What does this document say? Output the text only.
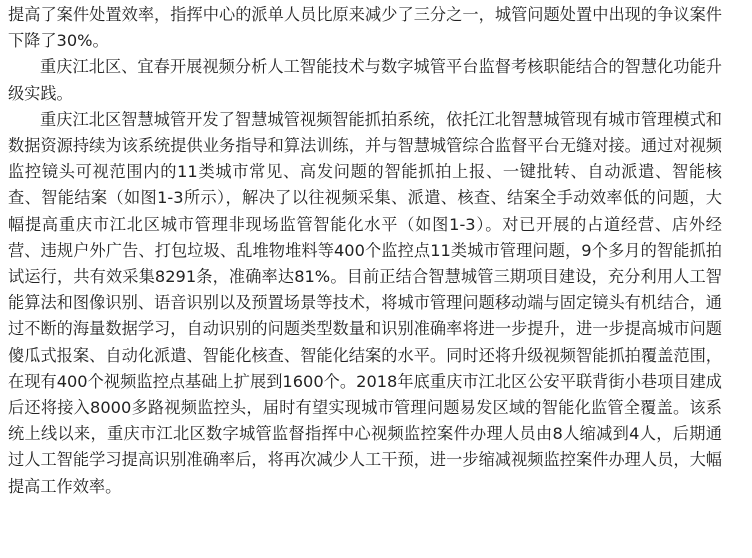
提高了案件处置效率，指挥中心的派单人员比原来减少了三分之一，城管问题处置中出现的争议案件下降了30%。

重庆江北区、宜春开展视频分析人工智能技术与数字城管平台监督考核职能结合的智慧化功能升级实践。

重庆江北区智慧城管开发了智慧城管视频智能抓拍系统，依托江北智慧城管现有城市管理模式和数据资源持续为该系统提供业务指导和算法训练，并与智慧城管综合监督平台无缝对接。通过对视频监控镜头可视范围内的11类城市常见、高发问题的智能抓拍上报、一键批转、自动派遣、智能核查、智能结案（如图1-3所示），解决了以往视频采集、派遣、核查、结案全手动效率低的问题，大幅提高重庆市江北区城市管理非现场监管智能化水平（如图1-3）。对已开展的占道经营、店外经营、违规户外广告、打包垃圾、乱堆物堆料等400个监控点11类城市管理问题，9个多月的智能抓拍试运行，共有效采集8291条，准确率达81%。目前正结合智慧城管三期项目建设，充分利用人工智能算法和图像识别、语音识别以及预置场景等技术，将城市管理问题移动端与固定镜头有机结合，通过不断的海量数据学习，自动识别的问题类型数量和识别准确率将进一步提升，进一步提高城市问题傻瓜式报案、自动化派遣、智能化核查、智能化结案的水平。同时还将升级视频智能抓拍覆盖范围，在现有400个视频监控点基础上扩展到1600个。2018年底重庆市江北区公安平联背街小巷项目建成后还将接入8000多路视频监控头，届时有望实现城市管理问题易发区域的智能化监管全覆盖。该系统上线以来，重庆市江北区数字城管监督指挥中心视频监控案件办理人员由8人缩减到4人，后期通过人工智能学习提高识别准确率后，将再次减少人工干预，进一步缩减视频监控案件办理人员，大幅提高工作效率。
